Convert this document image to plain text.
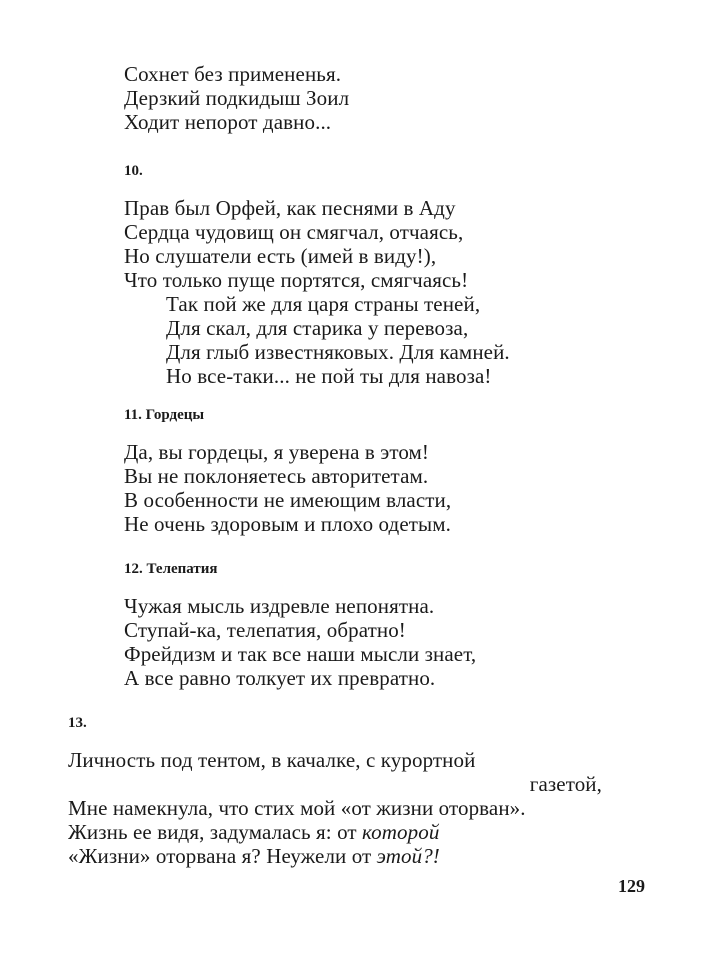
Сохнет без примененья.
Дерзкий подкидыш Зоил
Ходит непорот давно...
10.
Прав был Орфей, как песнями в Аду
Сердца чудовищ он смягчал, отчаясь,
Но слушатели есть (имей в виду!),
Что только пуще портятся, смягчаясь!
Так пой же для царя страны теней,
Для скал, для старика у перевоза,
Для глыб известняковых. Для камней.
Но все-таки... не пой ты для навоза!
11. Гордецы
Да, вы гордецы, я уверена в этом!
Вы не поклоняетесь авторитетам.
В особенности не имеющим власти,
Не очень здоровым и плохо одетым.
12. Телепатия
Чужая мысль издревле непонятна.
Ступай-ка, телепатия, обратно!
Фрейдизм и так все наши мысли знает,
А все равно толкует их превратно.
13.
Личность под тентом, в качалке, с курортной
газетой,
Мне намекнула, что стих мой «от жизни оторван».
Жизнь ее видя, задумалась я: от которой
«Жизни» оторвана я? Неужели от этой?!
129
